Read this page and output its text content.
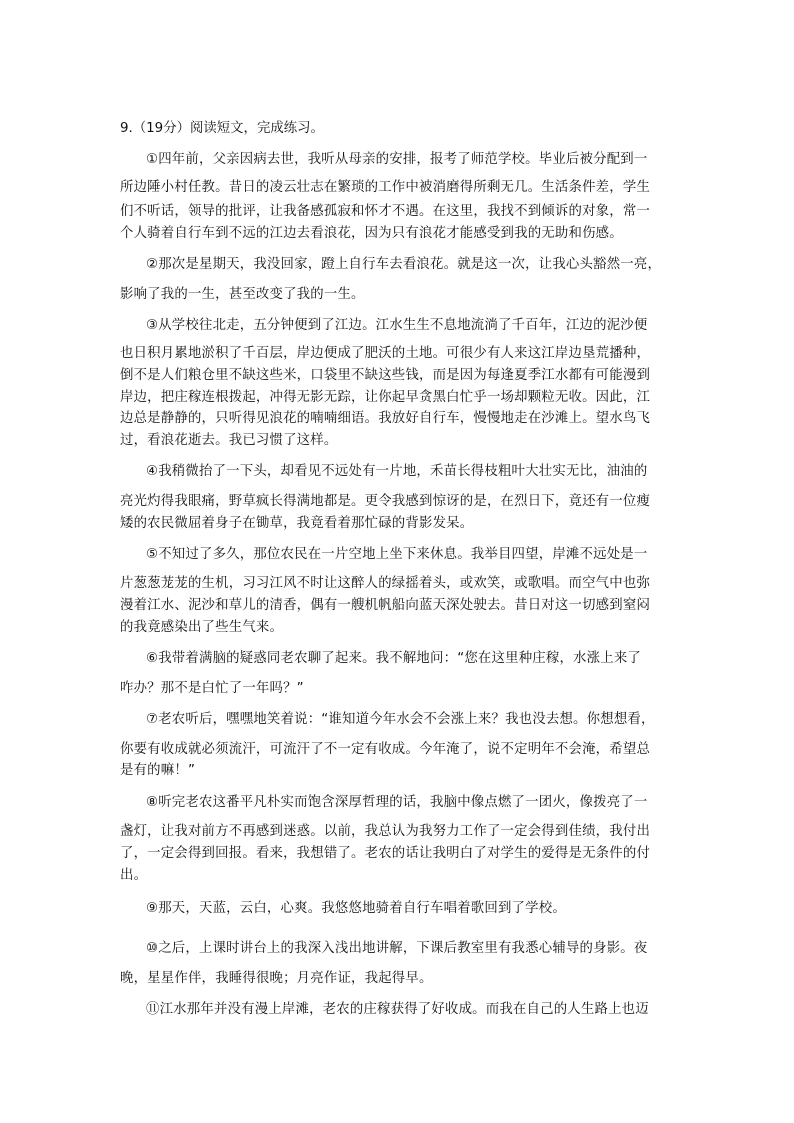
9.（19分）阅读短文，完成练习。
①四年前，父亲因病去世，我听从母亲的安排，报考了师范学校。毕业后被分配到一
所边陲小村任教。昔日的凌云壮志在繁琐的工作中被消磨得所剩无几。生活条件差，学生
们不听话，领导的批评，让我备感孤寂和怀才不遇。在这里，我找不到倾诉的对象，常一
个人骑着自行车到不远的江边去看浪花，因为只有浪花才能感受到我的无助和伤感。
②那次是星期天，我没回家，蹬上自行车去看浪花。就是这一次，让我心头豁然一亮，
影响了我的一生，甚至改变了我的一生。
③从学校往北走，五分钟便到了江边。江水生生不息地流淌了千百年，江边的泥沙便
也日积月累地淤积了千百层，岸边便成了肥沃的土地。可很少有人来这江岸边垦荒播种，
倒不是人们粮仓里不缺这些米，口袋里不缺这些钱，而是因为每逢夏季江水都有可能漫到
岸边，把庄稼连根拨起，冲得无影无踪，让你起早贪黑白忙乎一场却颗粒无收。因此，江
边总是静静的，只听得见浪花的喃喃细语。我放好自行车，慢慢地走在沙滩上。望水鸟飞
过，看浪花逝去。我已习惯了这样。
④我稍微抬了一下头，却看见不远处有一片地，禾苗长得枝粗叶大壮实无比，油油的
亮光灼得我眼痛，野草疯长得满地都是。更令我感到惊讶的是，在烈日下，竟还有一位瘦
矮的农民微屈着身子在锄草，我竟看着那忙碌的背影发呆。
⑤不知过了多久，那位农民在一片空地上坐下来休息。我举目四望，岸滩不远处是一
片葱葱茏茏的生机，习习江风不时让这醉人的绿摇着头，或欢笑，或歌唱。而空气中也弥
漫着江水、泥沙和草儿的清香，偶有一艘机帆船向蓝天深处驶去。昔日对这一切感到窒闷
的我竟感染出了些生气来。
⑥我带着满脑的疑惑同老农聊了起来。我不解地问：“您在这里种庄稼，水涨上来了
咋办？那不是白忙了一年吗？”
⑦老农听后，嘿嘿地笑着说：“谁知道今年水会不会涨上来？我也没去想。你想想看，
你要有收成就必须流汗，可流汗了不一定有收成。今年淹了，说不定明年不会淹，希望总
是有的嘛！”
⑧听完老农这番平凡朴实而饱含深厚哲理的话，我脑中像点燃了一团火，像拨亮了一
盏灯，让我对前方不再感到迷惑。以前，我总认为我努力工作了一定会得到佳绩，我付出
了，一定会得到回报。看来，我想错了。老农的话让我明白了对学生的爱得是无条件的付
出。
⑨那天，天蓝，云白，心爽。我悠悠地骑着自行车唱着歌回到了学校。
⑩之后，上课时讲台上的我深入浅出地讲解，下课后教室里有我悉心辅导的身影。夜
晚，星星作伴，我睡得很晚；月亮作证，我起得早。
⑪江水那年并没有漫上岸滩，老农的庄稼获得了好收成。而我在自己的人生路上也迈
